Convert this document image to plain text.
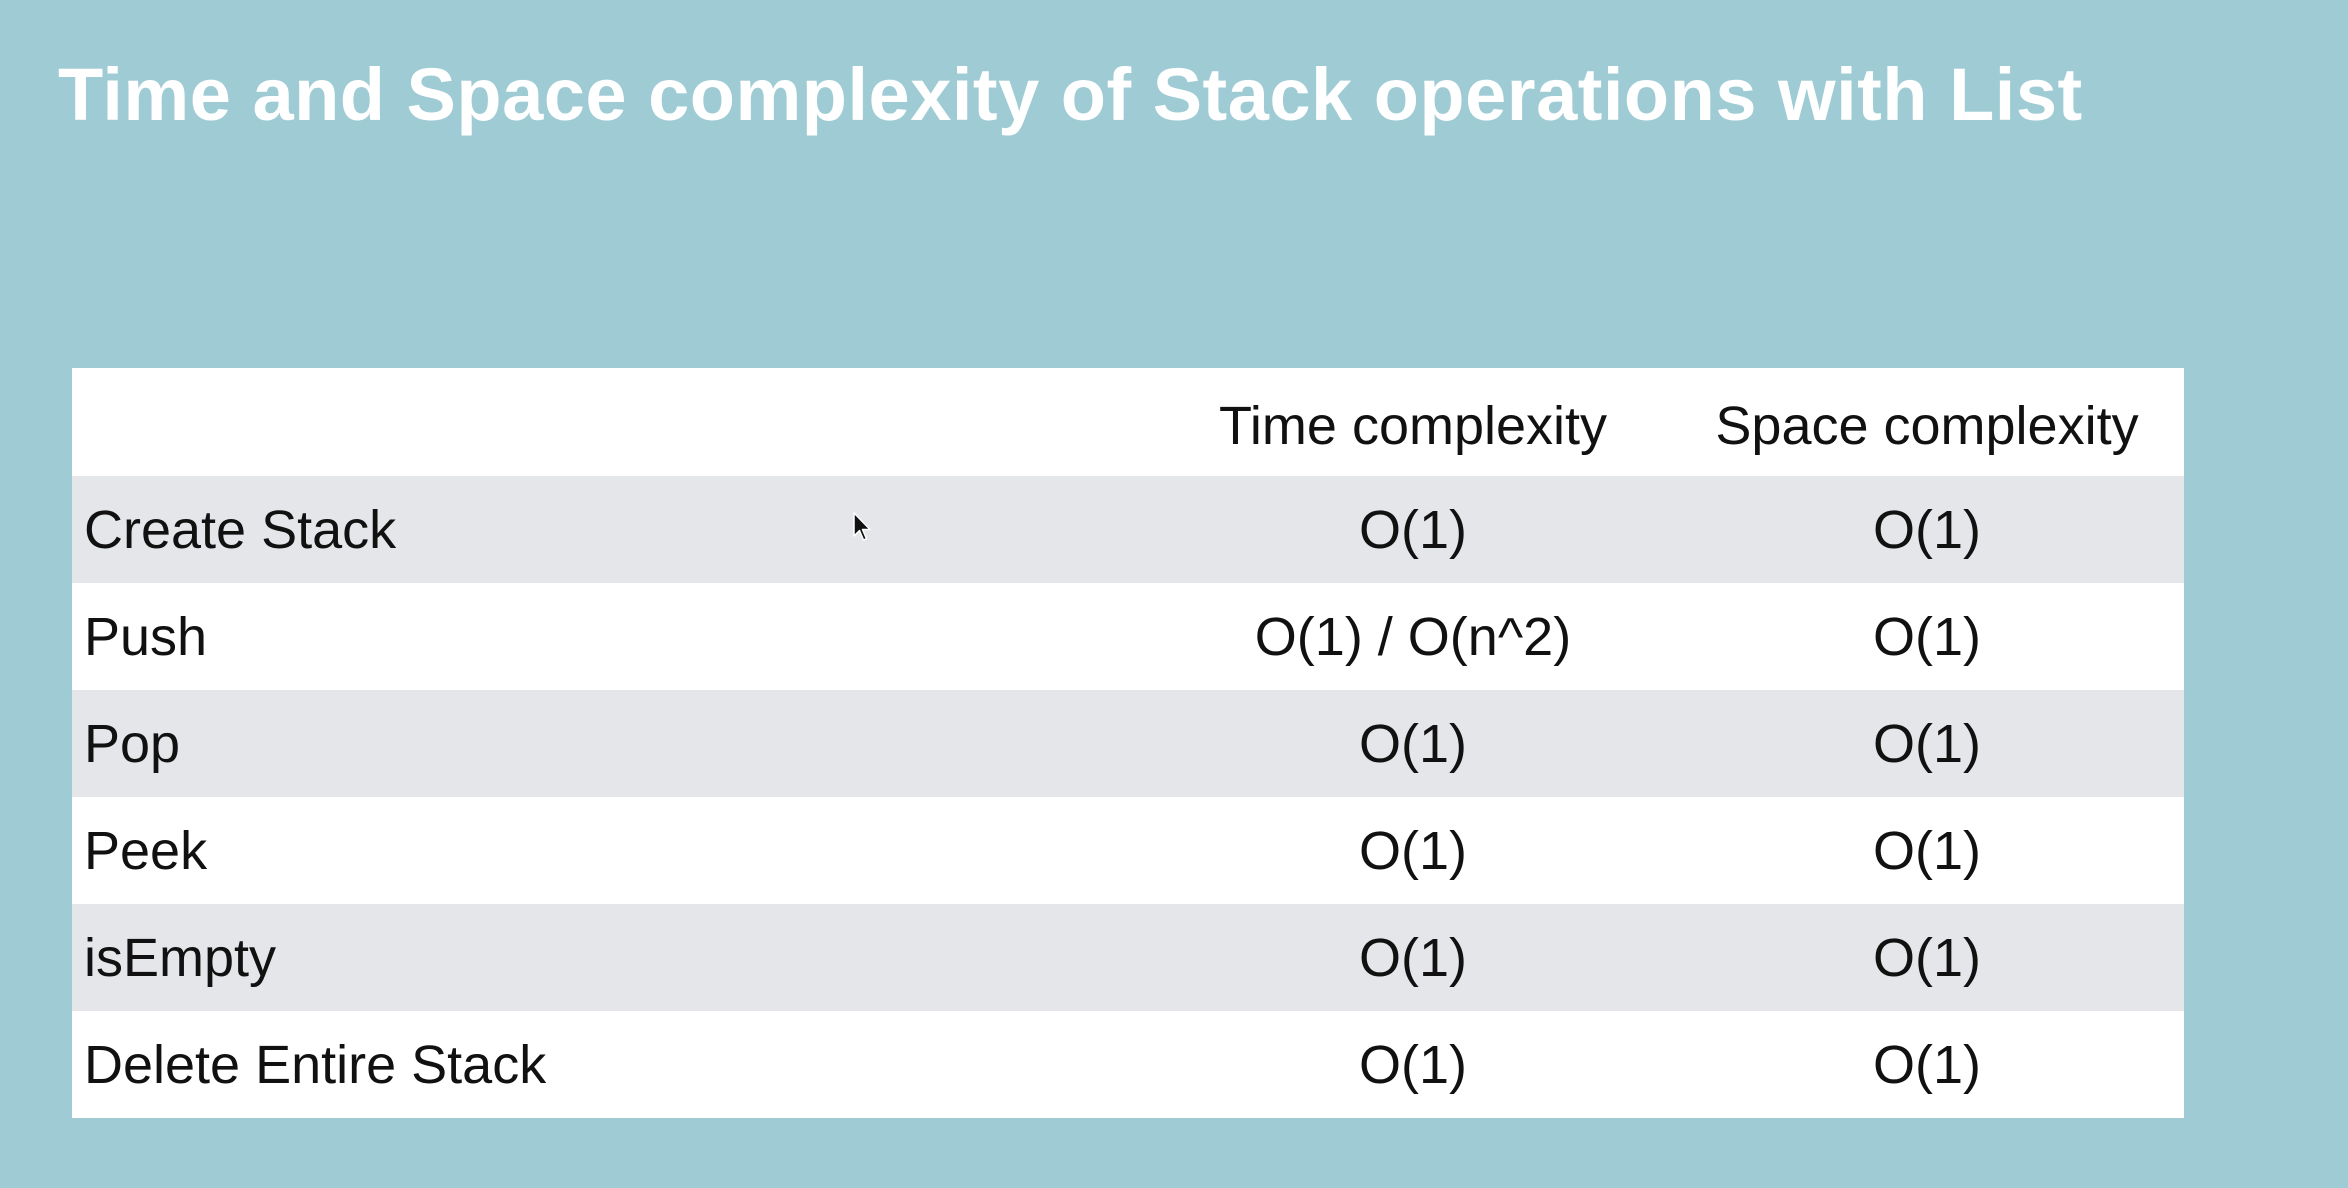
Time and Space complexity of Stack operations with List
	Time complexity	Space complexity
Create Stack	O(1)	O(1)
Push	O(1) / O(n^2)	O(1)
Pop	O(1)	O(1)
Peek	O(1)	O(1)
isEmpty	O(1)	O(1)
Delete Entire Stack	O(1)	O(1)
